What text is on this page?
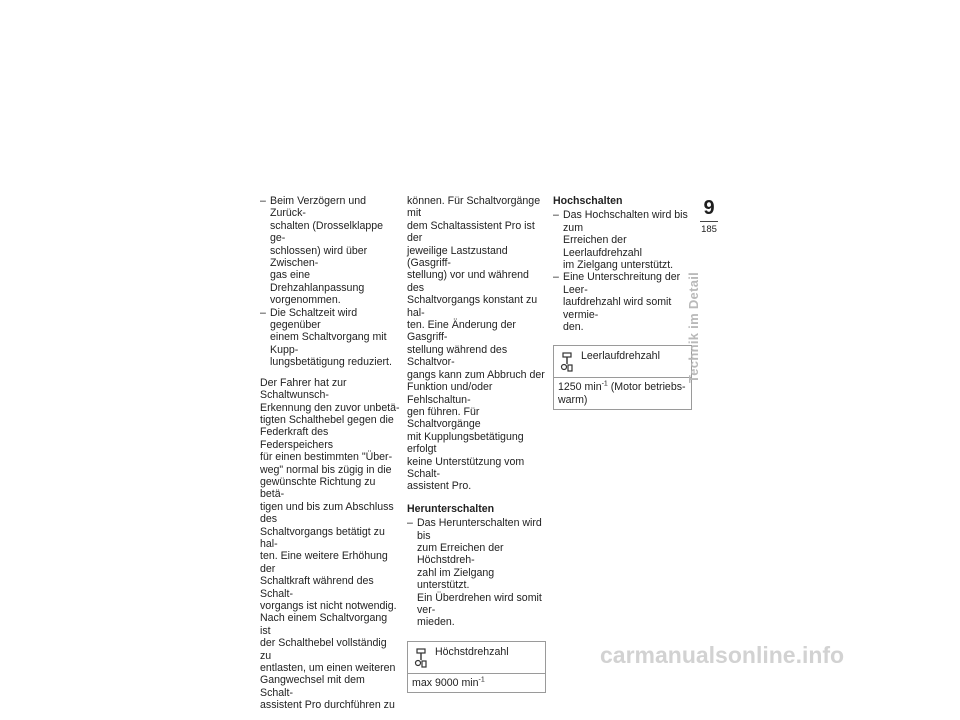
– Beim Verzögern und Zurück-
schalten (Drosselklappe ge-
schlossen) wird über Zwischen-
gas eine Drehzahlanpassung
vorgenommen.
– Die Schaltzeit wird gegenüber
einem Schaltvorgang mit Kupp-
lungsbetätigung reduziert.
Der Fahrer hat zur Schaltwunsch-
Erkennung den zuvor unbetä-
tigten Schalthebel gegen die
Federkraft des Federspeichers
für einen bestimmten "Über-
weg" normal bis zügig in die
gewünschte Richtung zu betä-
tigen und bis zum Abschluss des
Schaltvorgangs betätigt zu hal-
ten. Eine weitere Erhöhung der
Schaltkraft während des Schalt-
vorgangs ist nicht notwendig.
Nach einem Schaltvorgang ist
der Schalthebel vollständig zu
entlasten, um einen weiteren
Gangwechsel mit dem Schalt-
assistent Pro durchführen zu
können. Für Schaltvorgänge mit
dem Schaltassistent Pro ist der
jeweilige Lastzustand (Gasgriff-
stellung) vor und während des
Schaltvorgangs konstant zu hal-
ten. Eine Änderung der Gasgriff-
stellung während des Schaltvor-
gangs kann zum Abbruch der
Funktion und/oder Fehlschaltun-
gen führen. Für Schaltvorgänge
mit Kupplungsbetätigung erfolgt
keine Unterstützung vom Schalt-
assistent Pro.
Herunterschalten
– Das Herunterschalten wird bis
zum Erreichen der Höchstdreh-
zahl im Zielgang unterstützt.
Ein Überdrehen wird somit ver-
mieden.
Höchstdrehzahl
max 9000 $\min^{-1}$
Hochschalten
– Das Hochschalten wird bis zum
Erreichen der Leerlaufdrehzahl
im Zielgang unterstützt.
– Eine Unterschreitung der Leer-
laufdrehzahl wird somit vermie-
den.
Leerlaufdrehzahl
1250 $\min^{-1}$ (Motor betriebs-warm)
9
185
Technik im Detail
carmanualsonline.info
